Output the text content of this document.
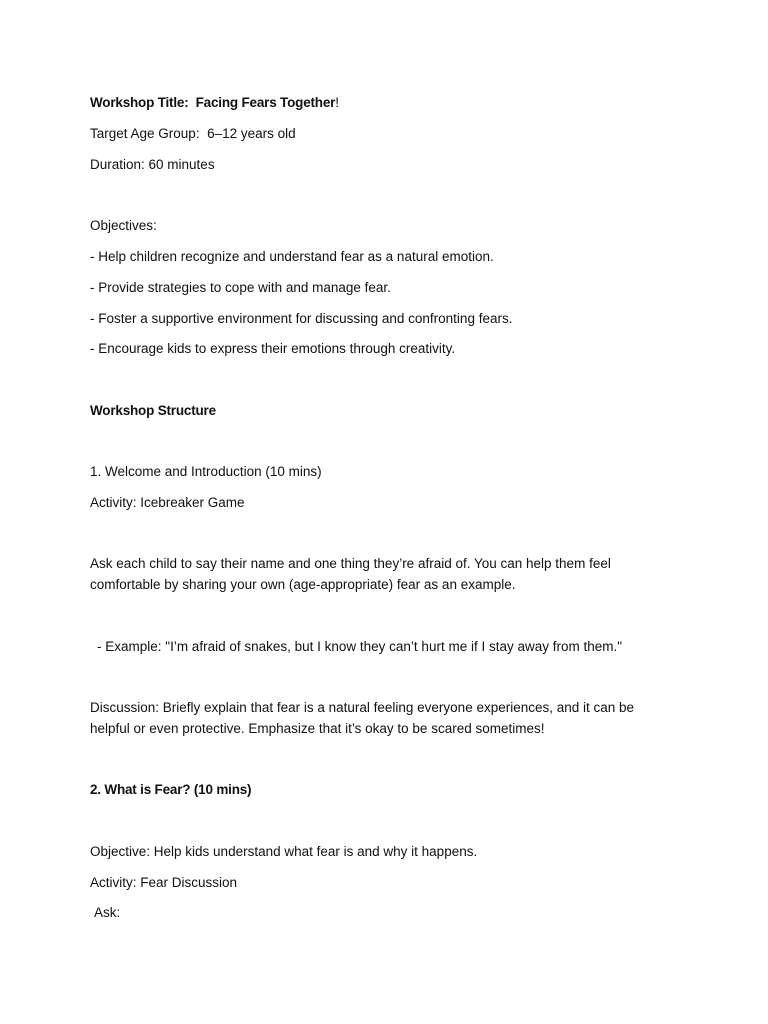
Workshop Title: Facing Fears Together!
Target Age Group: 6–12 years old
Duration: 60 minutes
Objectives:
- Help children recognize and understand fear as a natural emotion.
- Provide strategies to cope with and manage fear.
- Foster a supportive environment for discussing and confronting fears.
- Encourage kids to express their emotions through creativity.
Workshop Structure
1. Welcome and Introduction (10 mins)
Activity: Icebreaker Game
Ask each child to say their name and one thing they’re afraid of. You can help them feel comfortable by sharing your own (age-appropriate) fear as an example.
- Example: "I’m afraid of snakes, but I know they can’t hurt me if I stay away from them."
Discussion: Briefly explain that fear is a natural feeling everyone experiences, and it can be helpful or even protective. Emphasize that it’s okay to be scared sometimes!
2. What is Fear? (10 mins)
Objective: Help kids understand what fear is and why it happens.
Activity: Fear Discussion
Ask:
